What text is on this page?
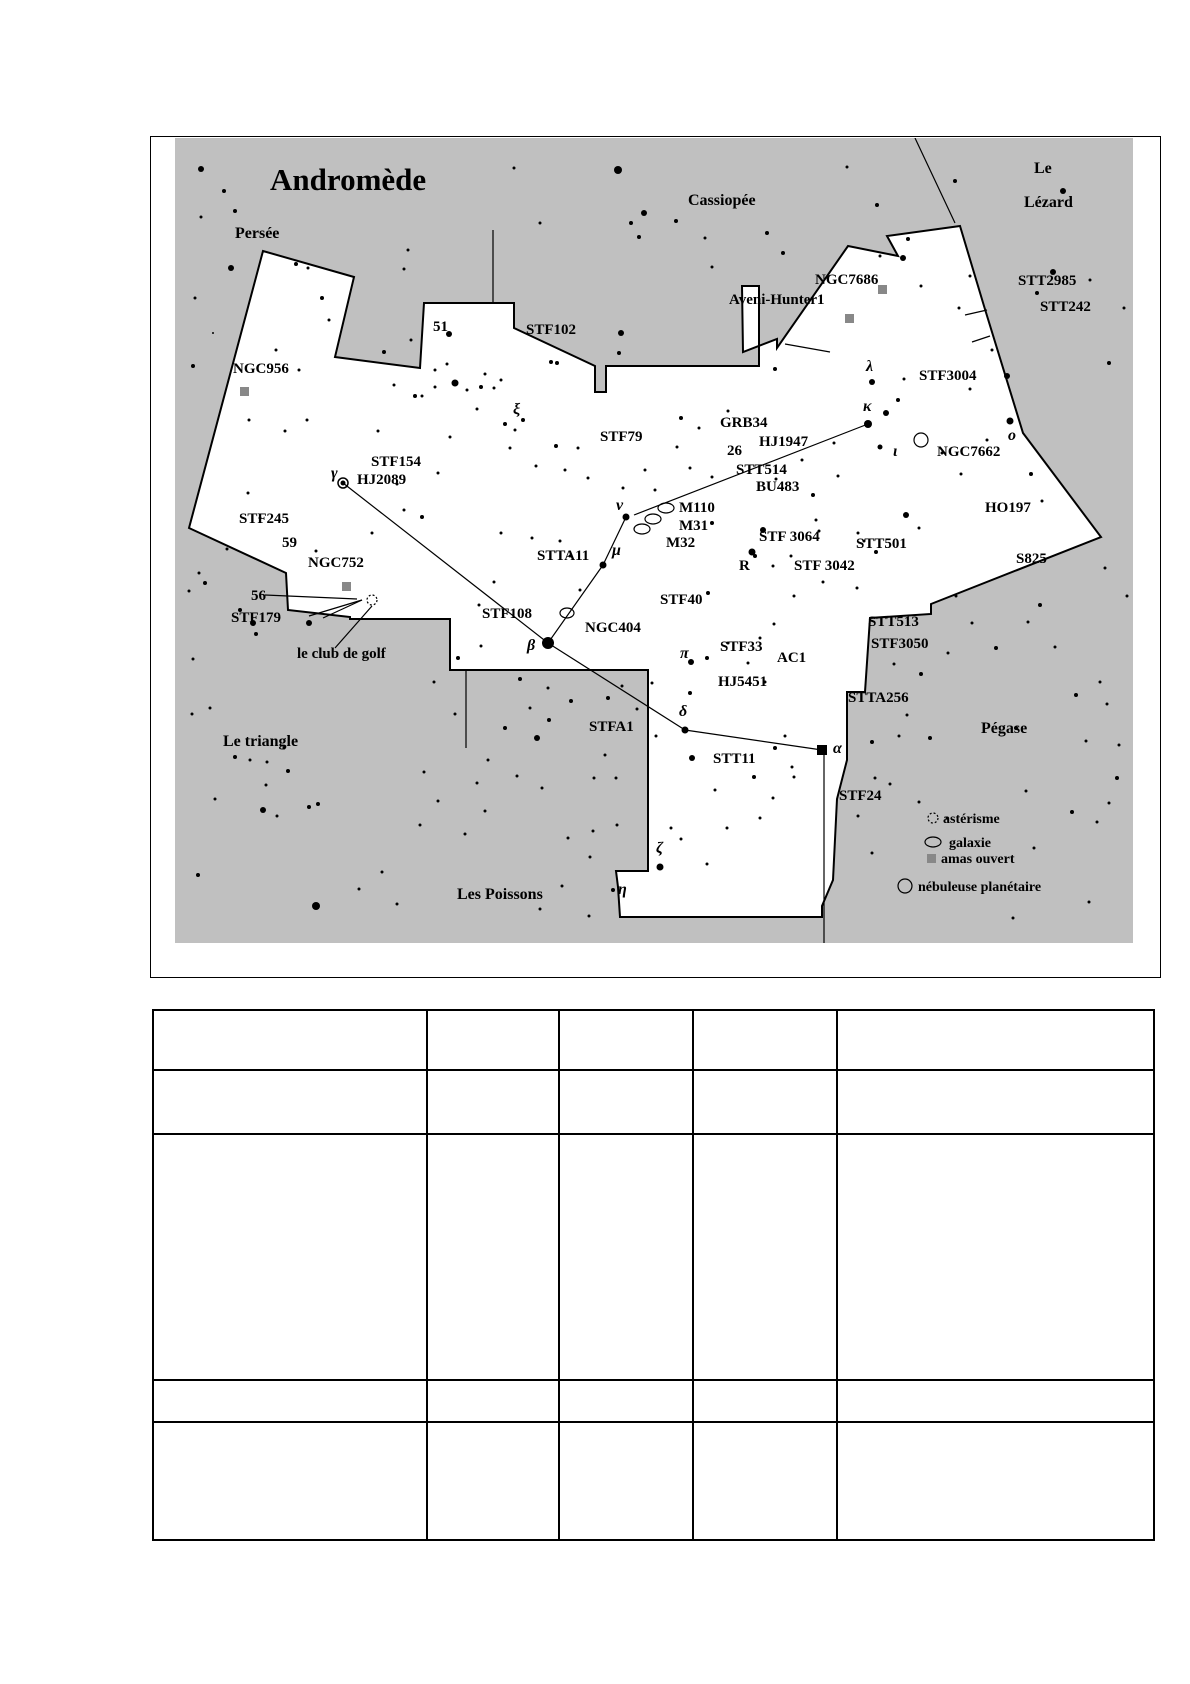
Andromède
Cassiopée
Le
Lézard
Persée
Le triangle
Les Poissons
Pégase
γ
β
δ
α
μ
ν
ξ
π
ζ
η
λ
κ
ι
o
STF154
HJ2089
STF245
59
NGC752
56
STF179
le club de golf
NGC956
51	STF102
STF79
STTA11
STF108
NGC404
STF40
STF33
AC1
HJ5451
STFA1
STT11
STF24
STTA256
STT513
STF3050
STT501
STF 3064
STF 3042
R
BU483
STT514
26
HJ1947
GRB34
M110
M31
M32
NGC7686
Aveni-Hunter1
STF3004
NGC7662
HO197
S825
STT2985
STT242
astérisme
galaxie
amas ouvert
nébuleuse planétaire
